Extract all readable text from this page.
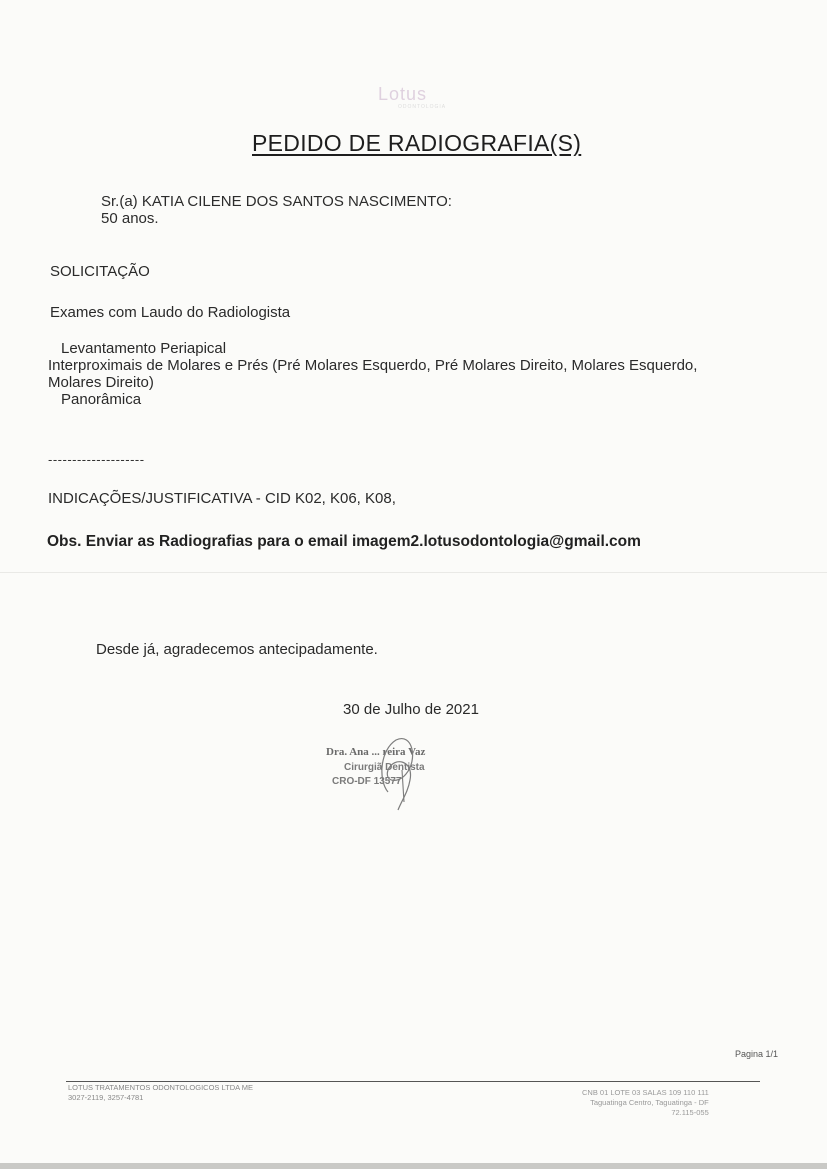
Lotus
ODONTOLOGIA
PEDIDO DE RADIOGRAFIA(S)
Sr.(a) KATIA CILENE DOS SANTOS NASCIMENTO:
50 anos.
SOLICITAÇÃO
Exames com Laudo do Radiologista
Levantamento Periapical
Interproximais de Molares e Prés (Pré Molares Esquerdo, Pré Molares Direito, Molares Esquerdo,
Molares Direito)
Panorâmica
--------------------
INDICAÇÕES/JUSTIFICATIVA - CID K02, K06, K08,
Obs. Enviar as Radiografias para o email imagem2.lotusodontologia@gmail.com
Desde já, agradecemos antecipadamente.
30 de Julho de 2021
Dra. Ana ... reira Vaz
Cirurgiã Dentista
CRO-DF 13577
Pagina 1/1
LOTUS TRATAMENTOS ODONTOLOGICOS LTDA ME
3027-2119, 3257-4781
CNB 01 LOTE 03 SALAS 109 110 111
Taguatinga Centro, Taguatinga - DF
72.115-055
